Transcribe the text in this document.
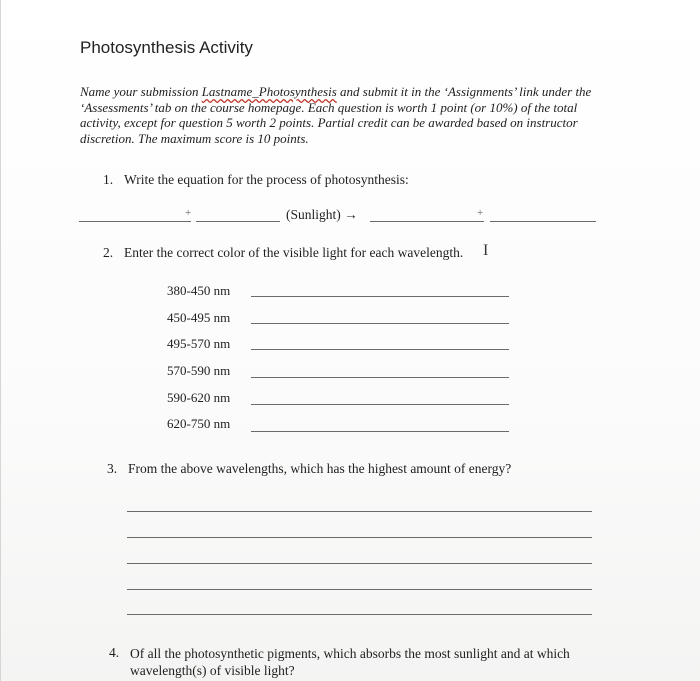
Photosynthesis Activity
Name your submission Lastname_Photosynthesis and submit it in the ‘Assignments’ link under the ‘Assessments’ tab on the course homepage. Each question is worth 1 point (or 10%) of the total activity, except for question 5 worth 2 points. Partial credit can be awarded based on instructor discretion. The maximum score is 10 points.
1. Write the equation for the process of photosynthesis:
+	(Sunlight) →	+
2. Enter the correct color of the visible light for each wavelength. I
380-450 nm
450-495 nm
495-570 nm
570-590 nm
590-620 nm
620-750 nm
3. From the above wavelengths, which has the highest amount of energy?
4. Of all the photosynthetic pigments, which absorbs the most sunlight and at which wavelength(s) of visible light?
